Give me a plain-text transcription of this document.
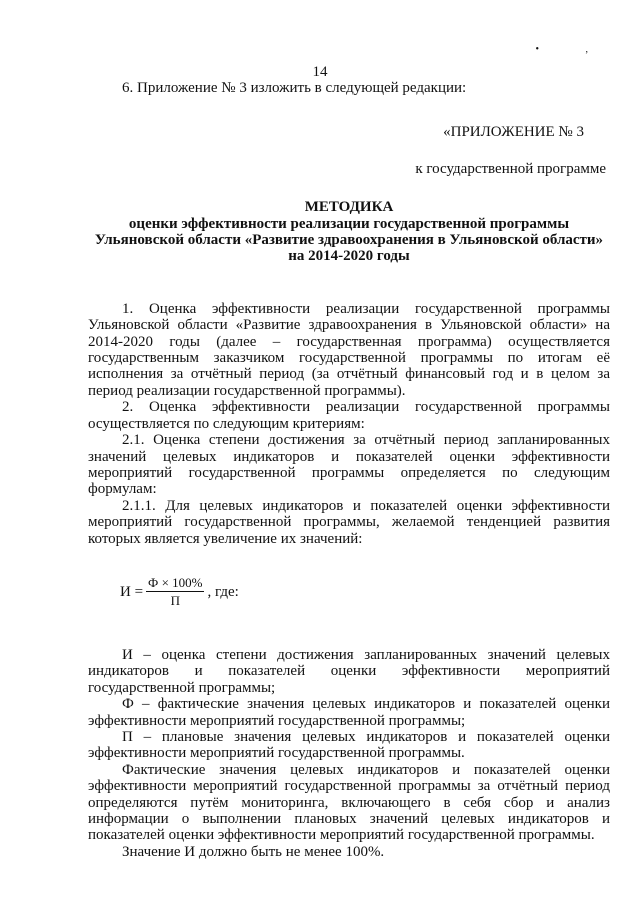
• ,
14

6. Приложение № 3 изложить в следующей редакции:

«ПРИЛОЖЕНИЕ № 3

к государственной программе

МЕТОДИКА

оценки эффективности реализации государственной программы

Ульяновской области «Развитие здравоохранения в Ульяновской области»

на 2014-2020 годы

1. Оценка эффективности реализации государственной программы Ульяновской области «Развитие здравоохранения в Ульяновской области» на 2014-2020 годы (далее – государственная программа) осуществляется государственным заказчиком государственной программы по итогам её исполнения за отчётный период (за отчётный финансовый год и в целом за период реализации государственной программы).

2. Оценка эффективности реализации государственной программы осуществляется по следующим критериям:

2.1. Оценка степени достижения за отчётный период запланированных значений целевых индикаторов и показателей оценки эффективности мероприятий государственной программы определяется по следующим формулам:

2.1.1. Для целевых индикаторов и показателей оценки эффективности мероприятий государственной программы, желаемой тенденцией развития которых является увеличение их значений:

$И = \frac{Ф \times 100\%}{П}$ , где:

И – оценка степени достижения запланированных значений целевых индикаторов и показателей оценки эффективности мероприятий государственной программы;

Ф – фактические значения целевых индикаторов и показателей оценки эффективности мероприятий государственной программы;

П – плановые значения целевых индикаторов и показателей оценки эффективности мероприятий государственной программы.

Фактические значения целевых индикаторов и показателей оценки эффективности мероприятий государственной программы за отчётный период определяются путём мониторинга, включающего в себя сбор и анализ информации о выполнении плановых значений целевых индикаторов и показателей оценки эффективности мероприятий государственной программы.

Значение И должно быть не менее 100%.
